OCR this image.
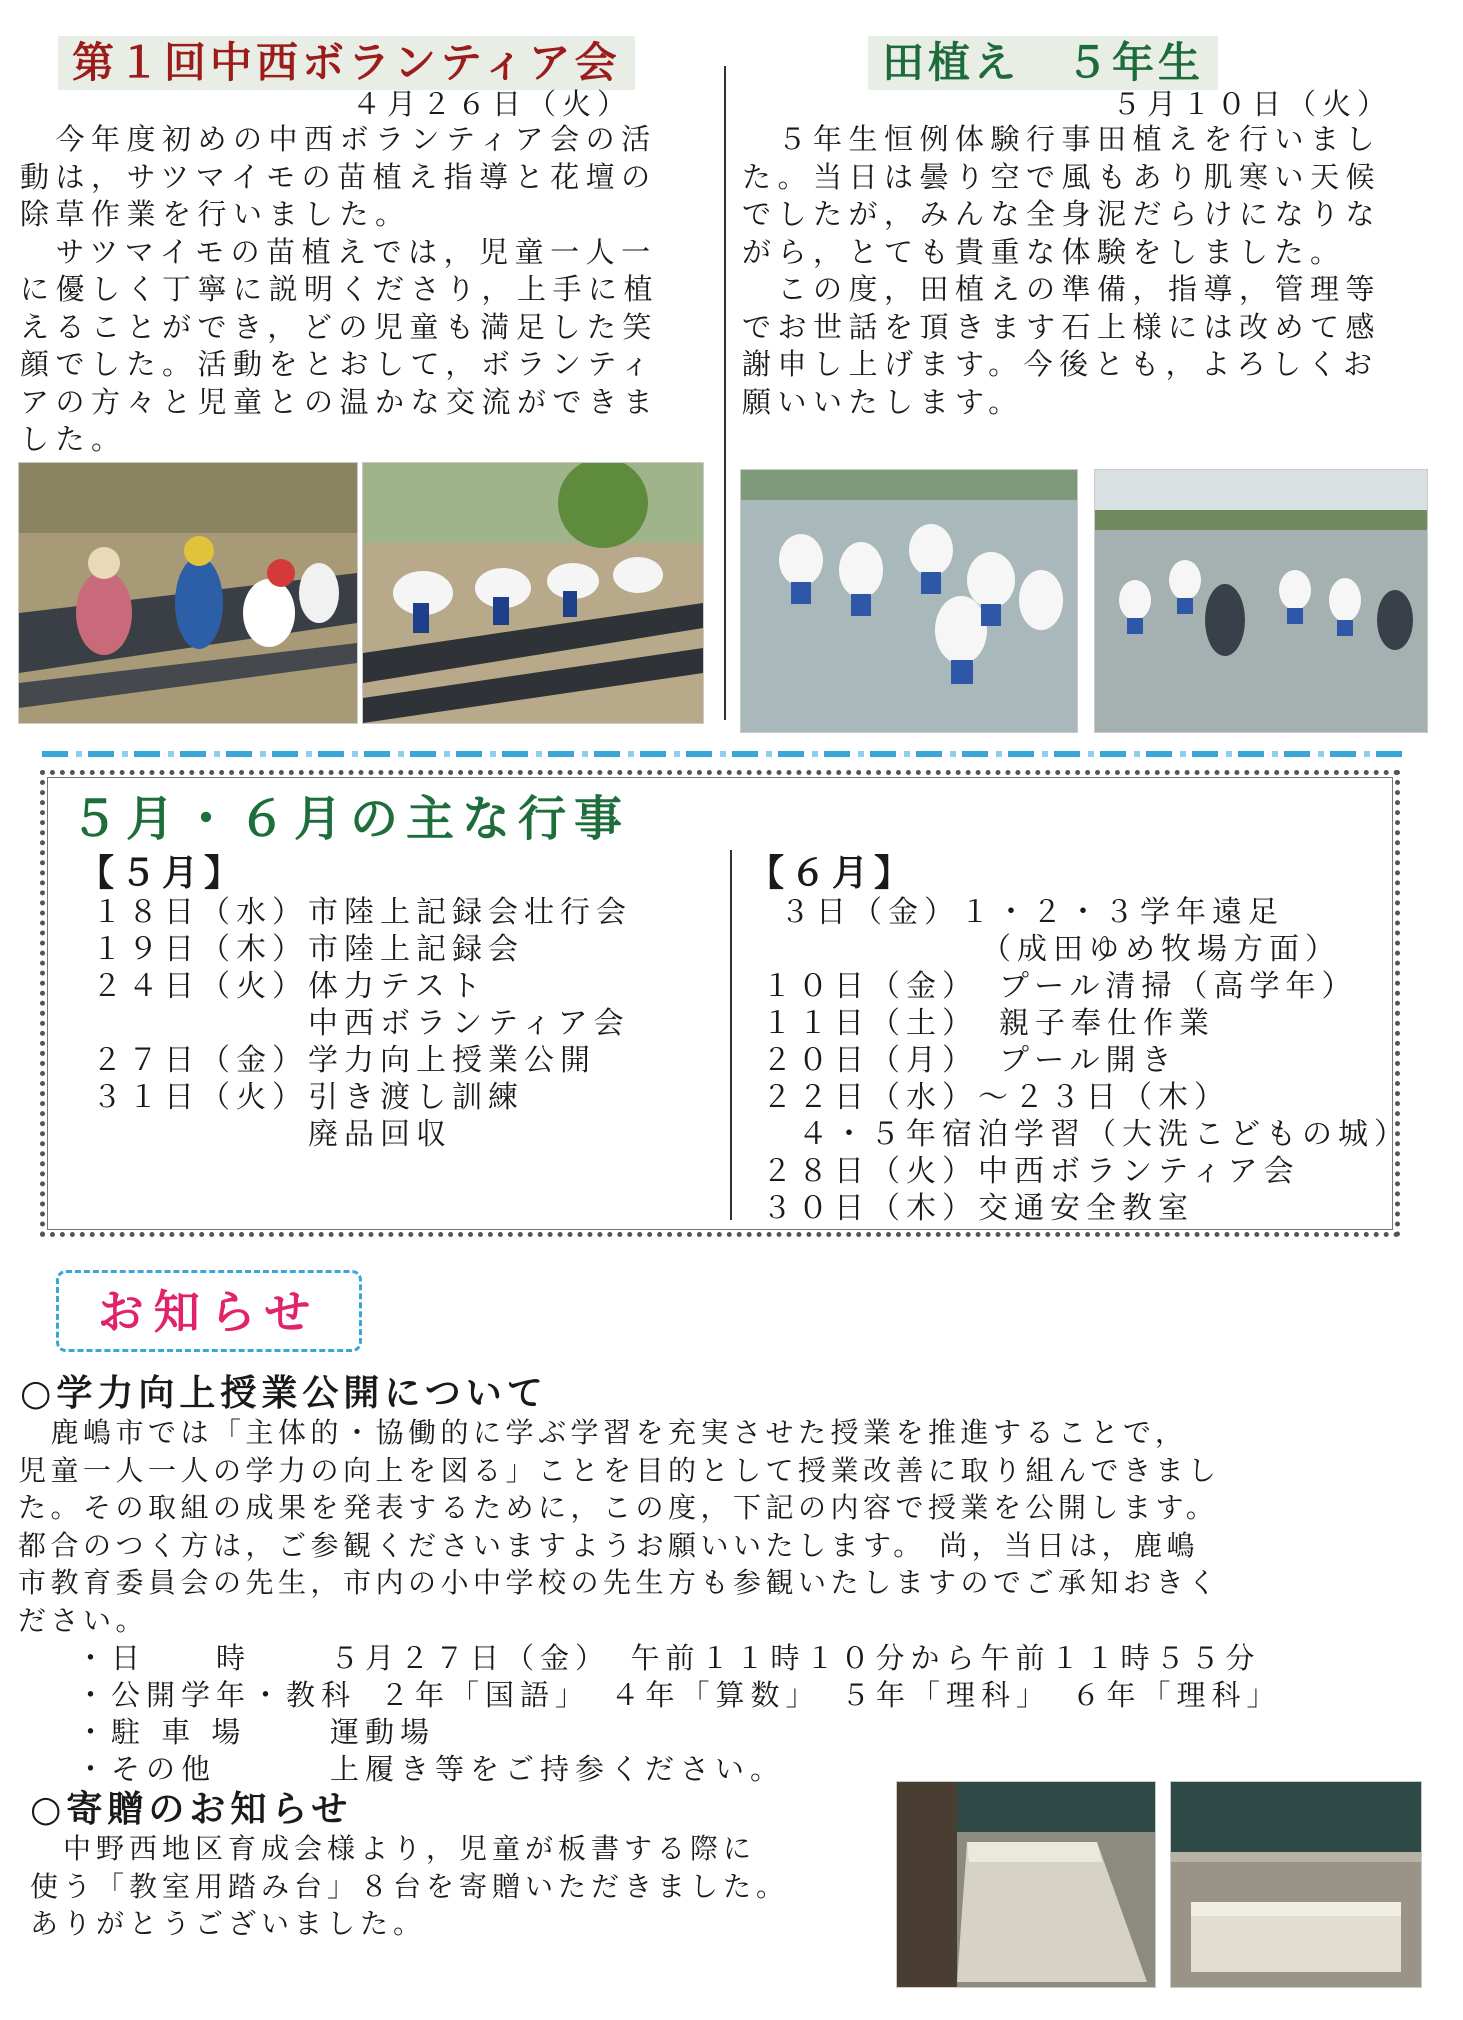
第１回中西ボランティア会
４月２６日（火）

　今年度初めの中西ボランティア会の活
動は，サツマイモの苗植え指導と花壇の
除草作業を行いました。
　サツマイモの苗植えでは，児童一人一
に優しく丁寧に説明くださり，上手に植
えることができ，どの児童も満足した笑
顔でした。活動をとおして，ボランティ
アの方々と児童との温かな交流ができま
した。

田植え　５年生
５月１０日（火）

　５年生恒例体験行事田植えを行いまし
た。当日は曇り空で風もあり肌寒い天候
でしたが，みんな全身泥だらけになりな
がら，とても貴重な体験をしました。
　この度，田植えの準備，指導，管理等
でお世話を頂きます石上様には改めて感
謝申し上げます。今後とも，よろしくお
願いいたします。

５月・６月の主な行事
【５月】
１８日（水）市陸上記録会壮行会
１９日（木）市陸上記録会
２４日（火）体力テスト
　　　　　　中西ボランティア会
２７日（金）学力向上授業公開
３１日（火）引き渡し訓練
　　　　　　廃品回収
【６月】
３日（金）１・２・３学年遠足
　　　　　　（成田ゆめ牧場方面）
１０日（金）　プール清掃（高学年）
１１日（土）　親子奉仕作業
２０日（月）　プール開き
２２日（水）～２３日（木）
　４・５年宿泊学習（大洗こどもの城）
２８日（火）中西ボランティア会
３０日（木）交通安全教室
お知らせ
○学力向上授業公開について

　鹿嶋市では「主体的・協働的に学ぶ学習を充実させた授業を推進することで，
児童一人一人の学力の向上を図る」ことを目的として授業改善に取り組んできまし
た。その取組の成果を発表するために，この度，下記の内容で授業を公開します。
都合のつく方は，ご参観くださいますようお願いいたします。 尚，当日は，鹿嶋
市教育委員会の先生，市内の小中学校の先生方も参観いたしますのでご承知おきく
ださい。

・日　　時	５月２７日（金）　午前１１時１０分から午前１１時５５分
・公開学年・教科 ２年「国語」　４年「算数」　５年「理科」　６年「理科」
・駐 車 場	運動場
・その他	上履き等をご持参ください。
○寄贈のお知らせ

　中野西地区育成会様より，児童が板書する際に
使う「教室用踏み台」８台を寄贈いただきました。
ありがとうございました。
